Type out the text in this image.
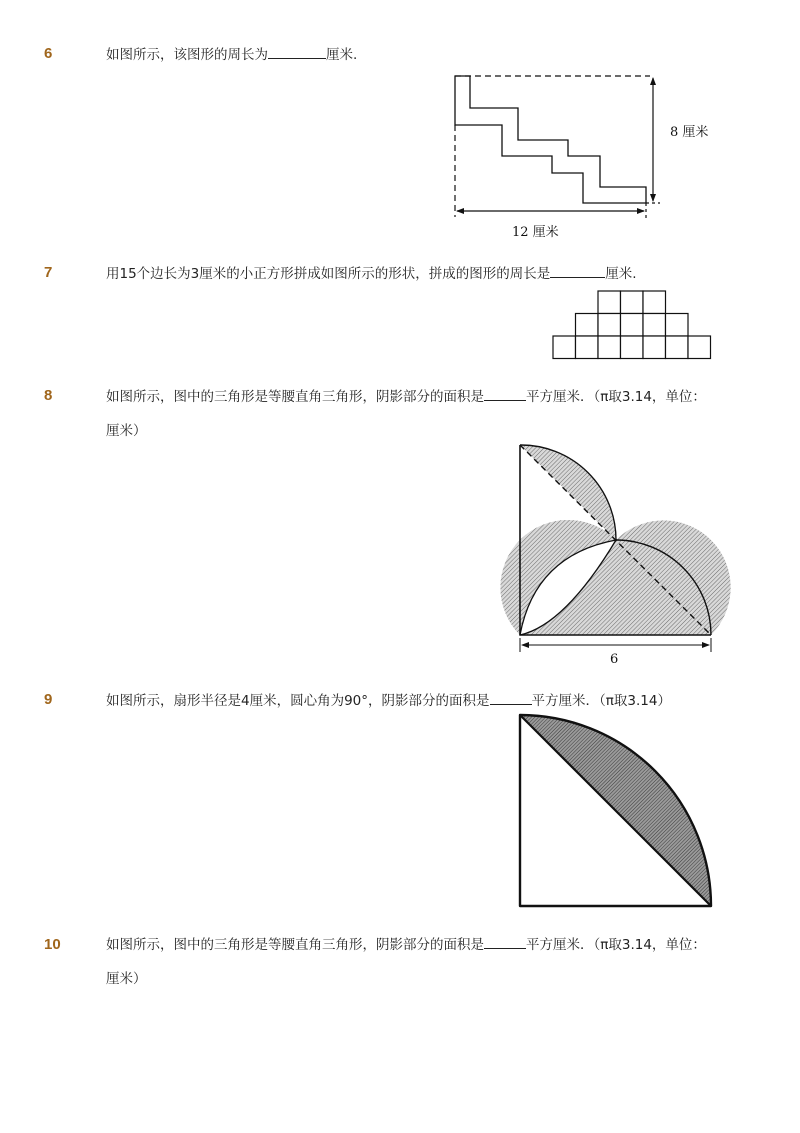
6	如图所示，该图形的周长为	厘米.
8 厘米
12 厘米
7	用15个边长为3厘米的小正方形拼成如图所示的形状，拼成的图形的周长是	厘米.
8	如图所示，图中的三角形是等腰直角三角形，阴影部分的面积是	平方厘米．（π取3.14，单位：厘米）
6
9	如图所示，扇形半径是4厘米，圆心角为90°，阴影部分的面积是	平方厘米．（π取3.14）
10	如图所示，图中的三角形是等腰直角三角形，阴影部分的面积是	平方厘米．（π取3.14，单位：厘米）
